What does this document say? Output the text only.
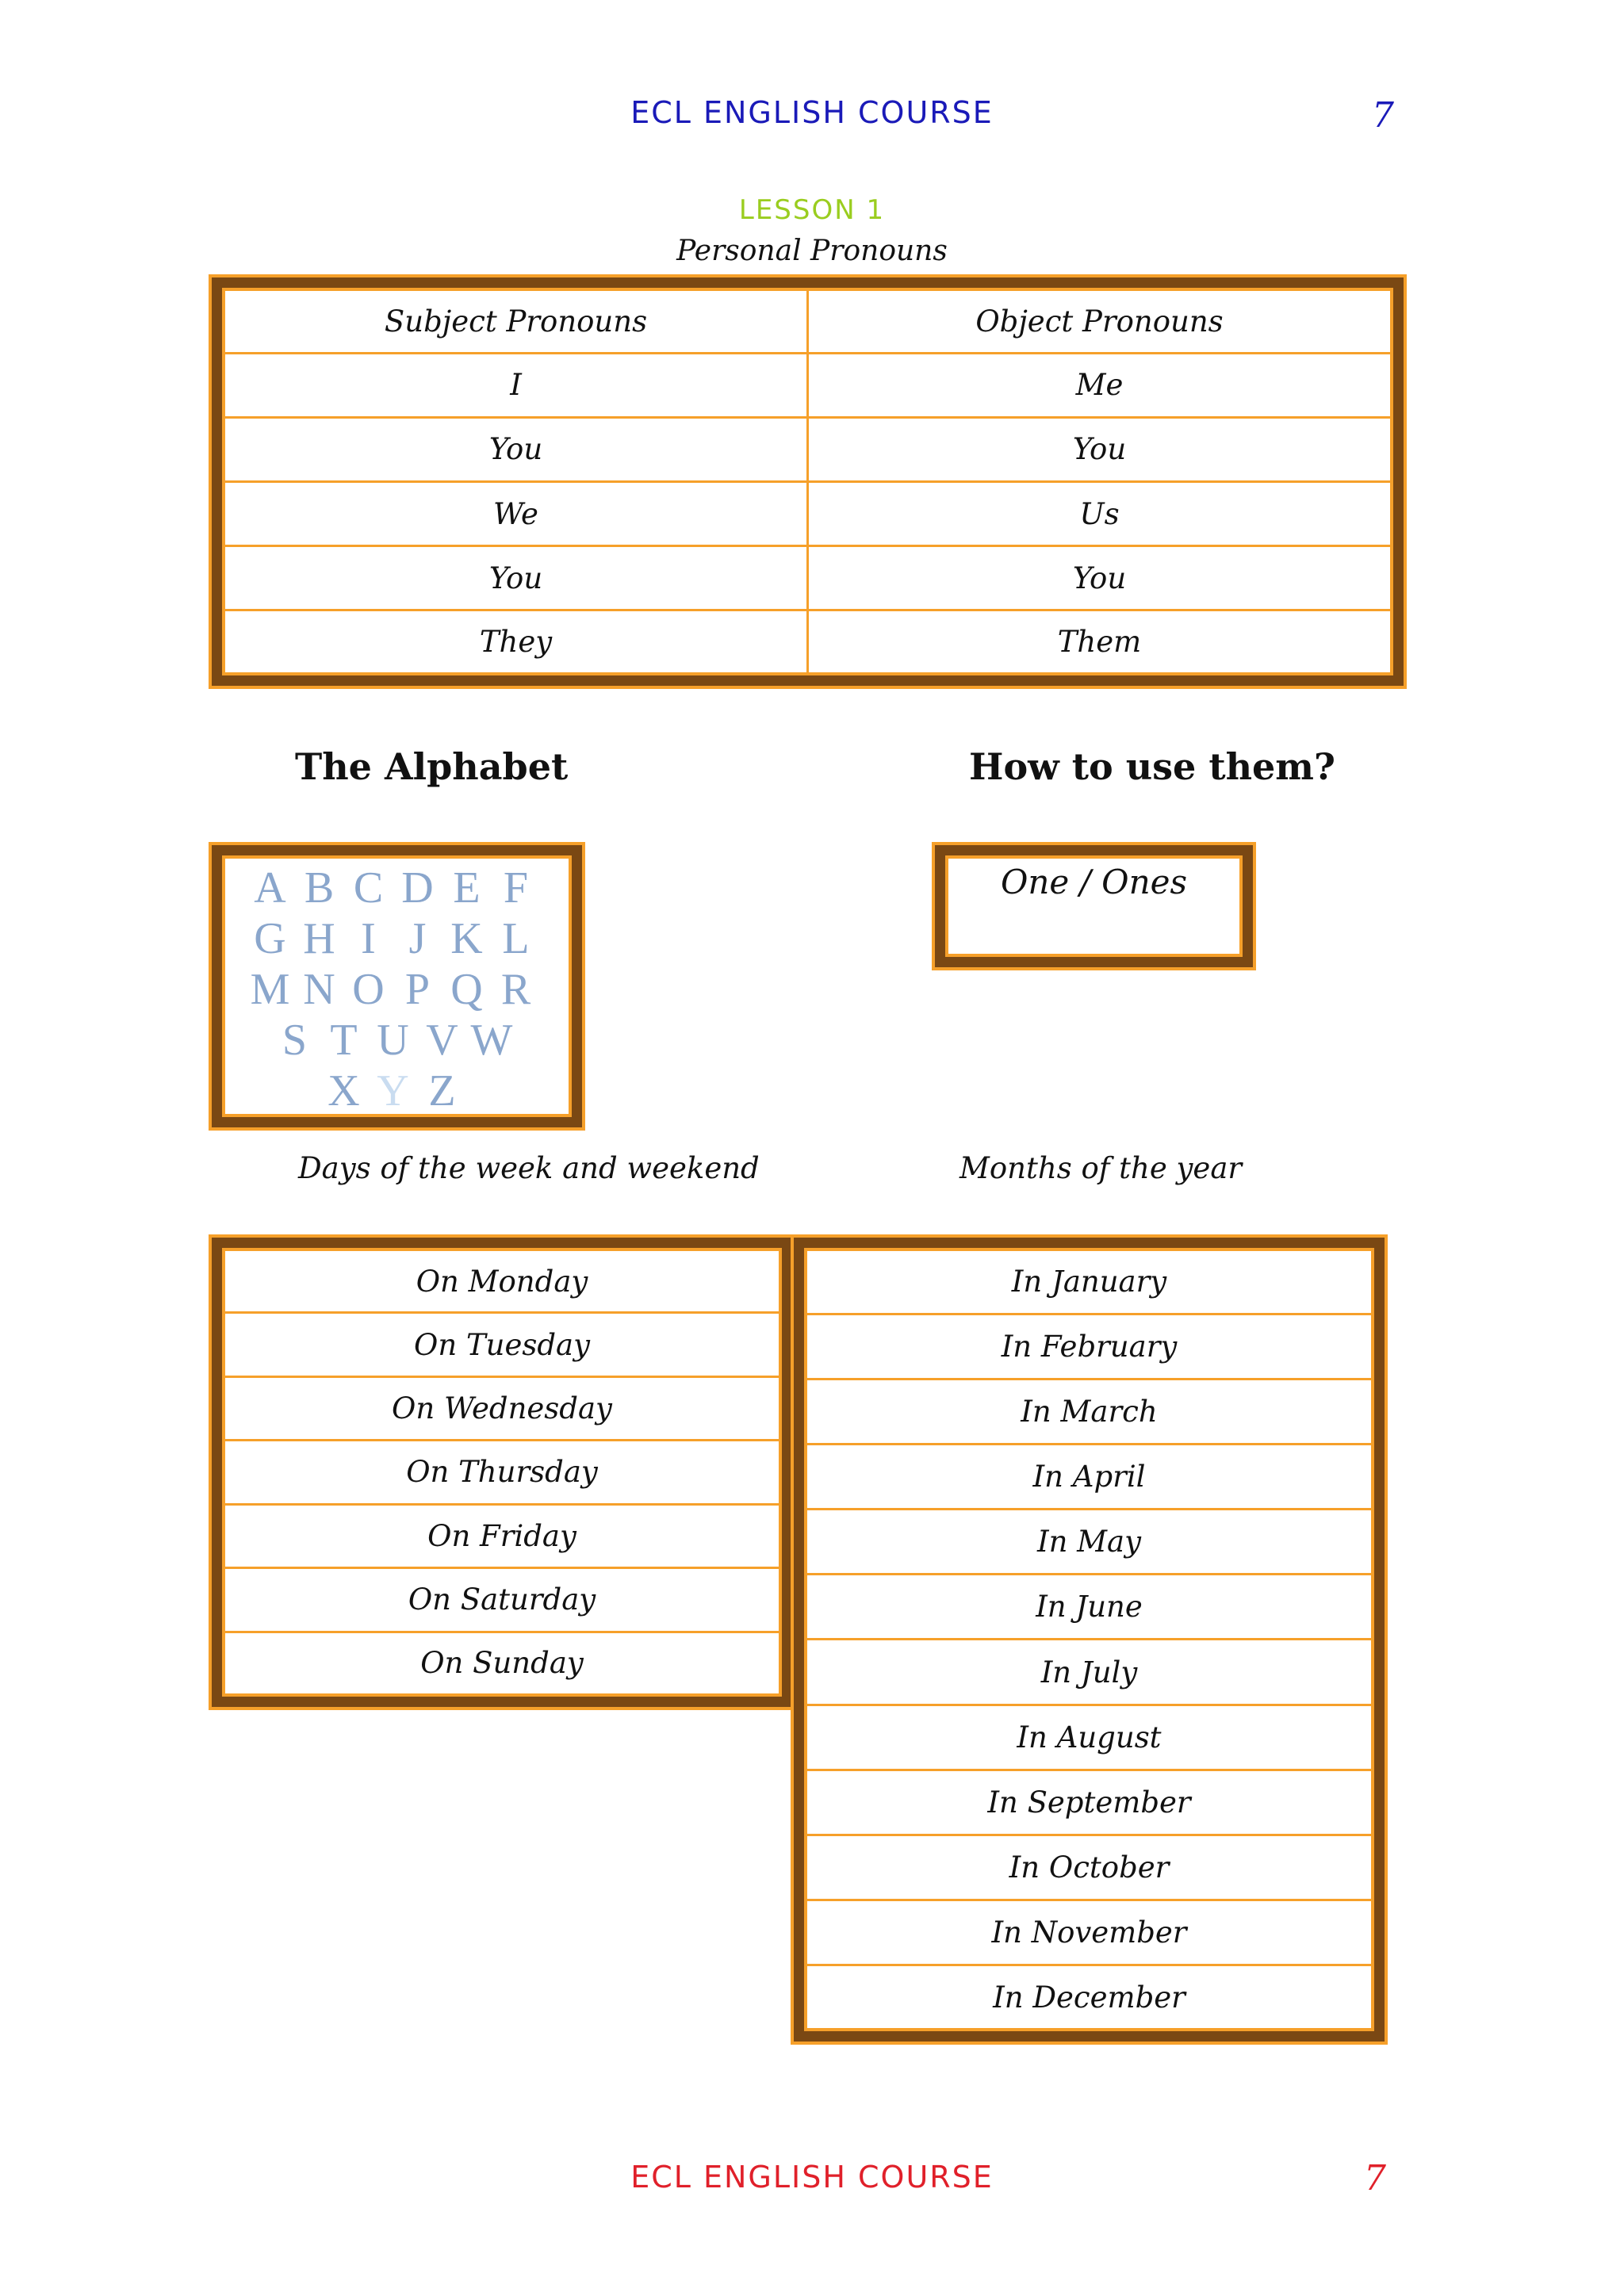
ECL ENGLISH COURSE	7
LESSON 1
Personal Pronouns
Subject Pronouns	Object Pronouns
I	Me
You	You
We	Us
You	You
They	Them
The Alphabet	How to use them?
A B C D E F
G H I J K L
M N O P Q R
S T U V W
X Y Z
One / Ones
Days of the week and weekend	Months of the year
On Monday
On Tuesday
On Wednesday
On Thursday
On Friday
On Saturday
On Sunday
In January
In February
In March
In April
In May
In June
In July
In August
In September
In October
In November
In December
ECL ENGLISH COURSE	7
